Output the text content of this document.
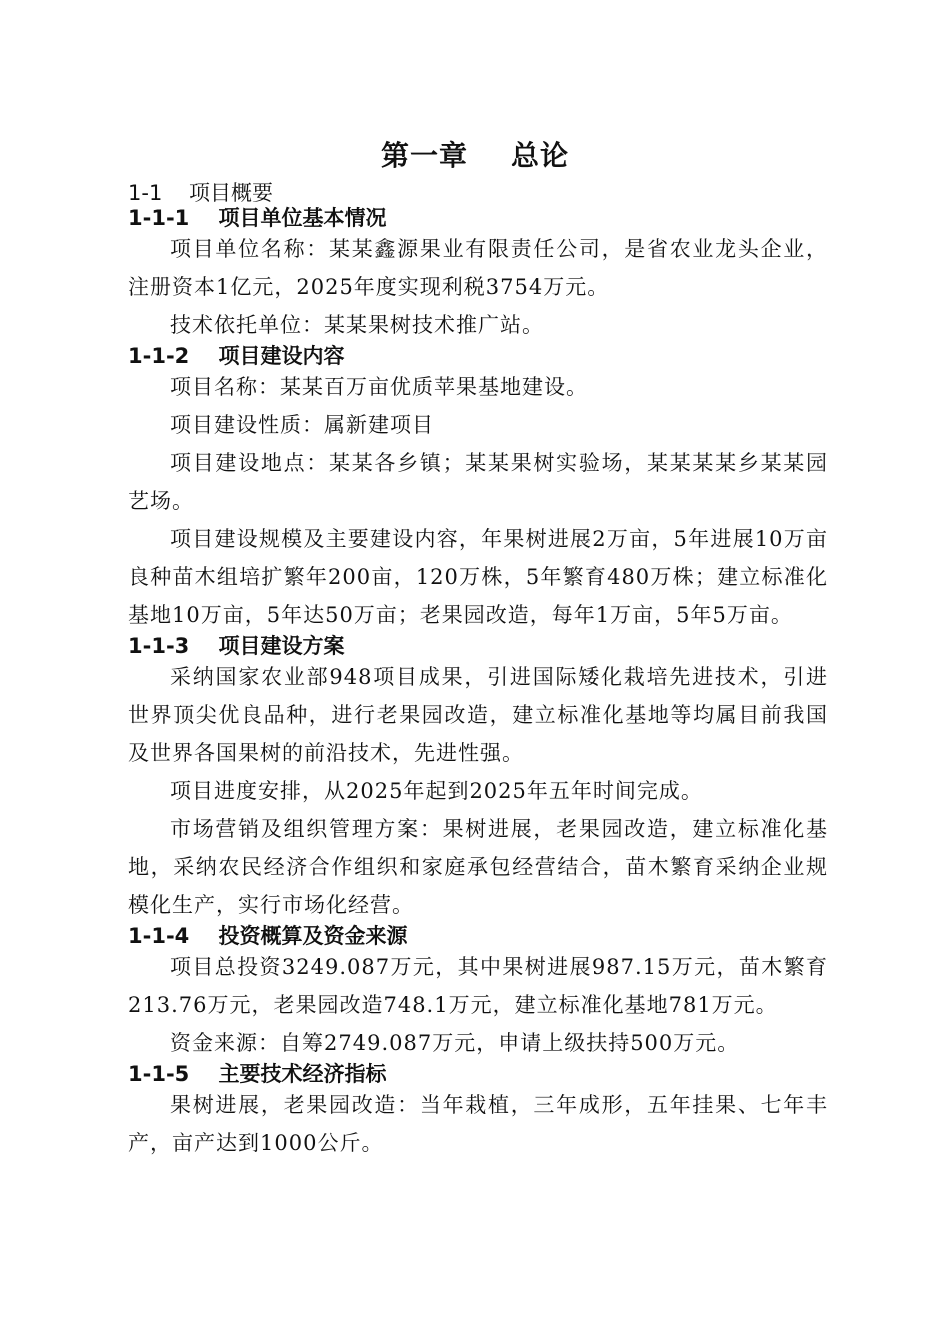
第一章    总论
1-1    项目概要
1-1-1    项目单位基本情况

项目单位名称：某某鑫源果业有限责任公司，是省农业龙头企业，注册资本1亿元，2025年度实现利税3754万元。

技术依托单位：某某果树技术推广站。

1-1-2    项目建设内容

项目名称：某某百万亩优质苹果基地建设。

项目建设性质：属新建项目

项目建设地点：某某各乡镇；某某果树实验场，某某某某乡某某园艺场。

项目建设规模及主要建设内容，年果树进展2万亩，5年进展10万亩良种苗木组培扩繁年200亩，120万株，5年繁育480万株；建立标准化基地10万亩，5年达50万亩；老果园改造，每年1万亩，5年5万亩。

1-1-3    项目建设方案

采纳国家农业部948项目成果，引进国际矮化栽培先进技术，引进世界顶尖优良品种，进行老果园改造，建立标准化基地等均属目前我国及世界各国果树的前沿技术，先进性强。

项目进度安排，从2025年起到2025年五年时间完成。

市场营销及组织管理方案：果树进展，老果园改造，建立标准化基地，采纳农民经济合作组织和家庭承包经营结合，苗木繁育采纳企业规模化生产，实行市场化经营。

1-1-4    投资概算及资金来源

项目总投资3249.087万元，其中果树进展987.15万元，苗木繁育213.76万元，老果园改造748.1万元，建立标准化基地781万元。

资金来源：自筹2749.087万元，申请上级扶持500万元。

1-1-5    主要技术经济指标

果树进展，老果园改造：当年栽植，三年成形，五年挂果、七年丰产，亩产达到1000公斤。
